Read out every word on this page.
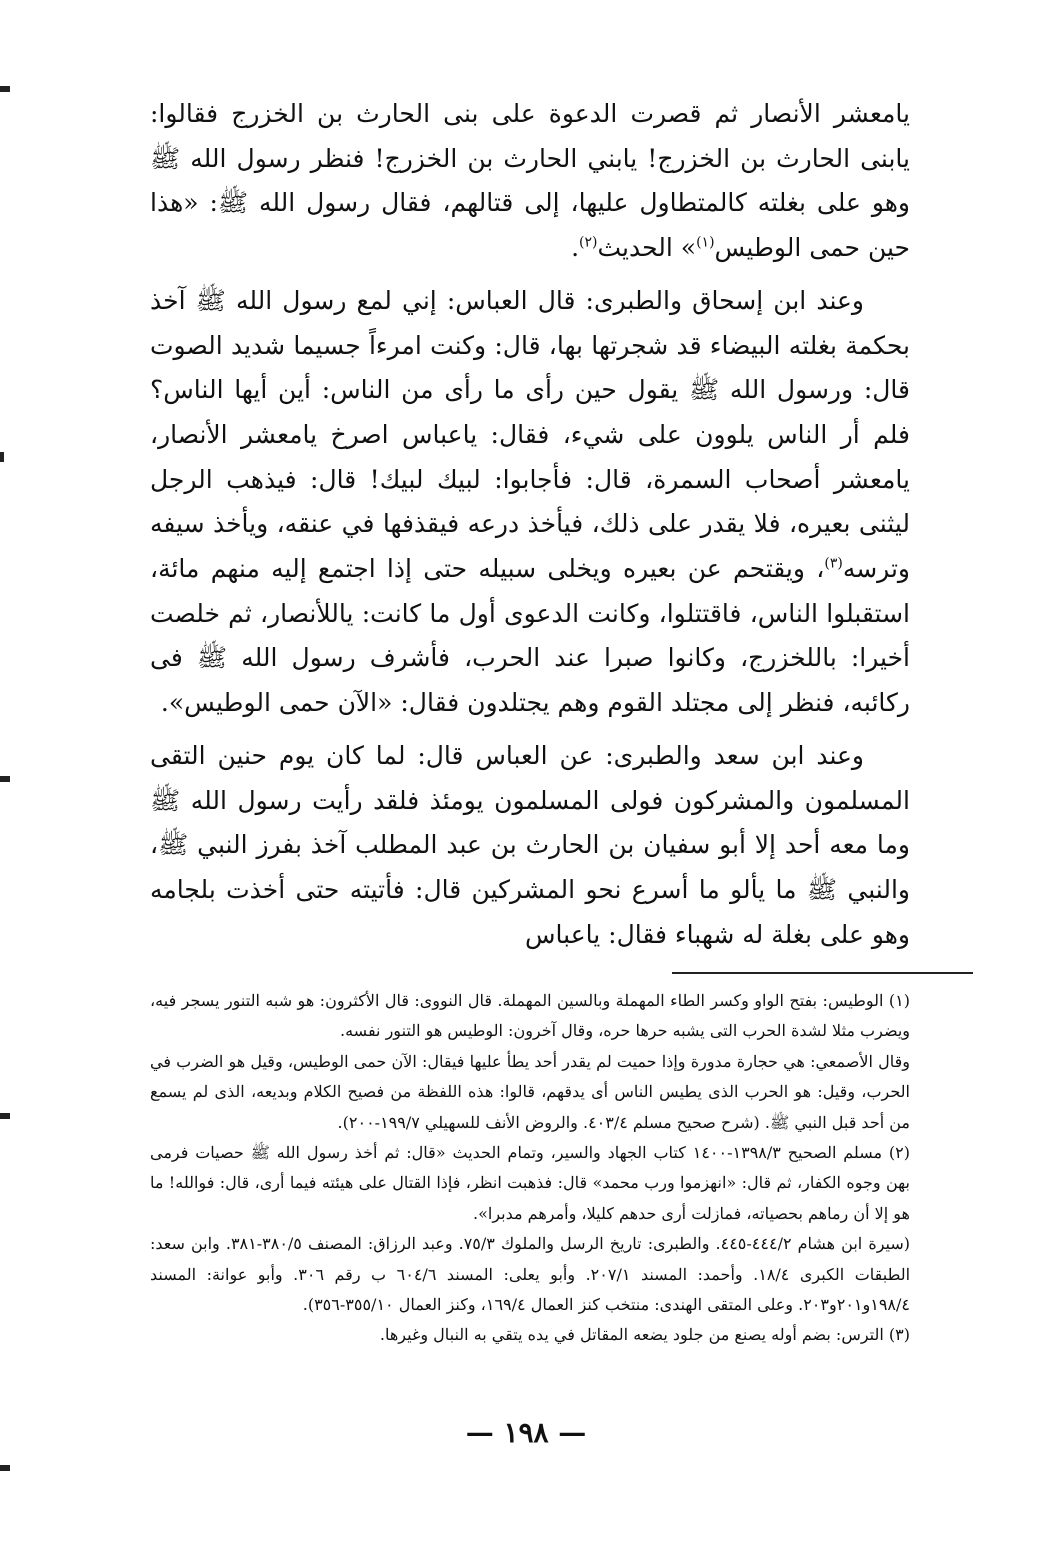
يامعشر الأنصار ثم قصرت الدعوة على بنى الحارث بن الخزرج فقالوا: يابنى الحارث بن الخزرج! يابني الحارث بن الخزرج! فنظر رسول الله ﷺ وهو على بغلته كالمتطاول عليها، إلى قتالهم، فقال رسول الله ﷺ: «هذا حين حمى الوطيس$^{(١)}$» الحديث$^{(٢)}$.

وعند ابن إسحاق والطبرى: قال العباس: إني لمع رسول الله ﷺ آخذ بحكمة بغلته البيضاء قد شجرتها بها، قال: وكنت امرءاً جسيما شديد الصوت قال: ورسول الله ﷺ يقول حين رأى ما رأى من الناس: أين أيها الناس؟ فلم أر الناس يلوون على شيء، فقال: ياعباس اصرخ يامعشر الأنصار، يامعشر أصحاب السمرة، قال: فأجابوا: لبيك لبيك! قال: فيذهب الرجل ليثنى بعيره، فلا يقدر على ذلك، فيأخذ درعه فيقذفها في عنقه، ويأخذ سيفه وترسه$^{(٣)}$، ويقتحم عن بعيره ويخلى سبيله حتى إذا اجتمع إليه منهم مائة، استقبلوا الناس، فاقتتلوا، وكانت الدعوى أول ما كانت: ياللأنصار، ثم خلصت أخيرا: باللخزرج، وكانوا صبرا عند الحرب، فأشرف رسول الله ﷺ فى ركائبه، فنظر إلى مجتلد القوم وهم يجتلدون فقال: «الآن حمى الوطيس».

وعند ابن سعد والطبرى: عن العباس قال: لما كان يوم حنين التقى المسلمون والمشركون فولى المسلمون يومئذ فلقد رأيت رسول الله ﷺ وما معه أحد إلا أبو سفيان بن الحارث بن عبد المطلب آخذ بفرز النبي ﷺ، والنبي ﷺ ما يألو ما أسرع نحو المشركين قال: فأتيته حتى أخذت بلجامه وهو على بغلة له شهباء فقال: ياعباس

(١) الوطيس: بفتح الواو وكسر الطاء المهملة وبالسين المهملة. قال النووى: قال الأكثرون: هو شبه التنور يسجر فيه، ويضرب مثلا لشدة الحرب التى يشبه حرها حره، وقال آخرون: الوطيس هو التنور نفسه.

وقال الأصمعي: هي حجارة مدورة وإذا حميت لم يقدر أحد يطأ عليها فيقال: الآن حمى الوطيس، وقيل هو الضرب في الحرب، وقيل: هو الحرب الذى يطيس الناس أى يدقهم، قالوا: هذه اللفظة من فصيح الكلام وبديعه، الذى لم يسمع من أحد قبل النبي ﷺ. (شرح صحيح مسلم ٤٠٣/٤. والروض الأنف للسهيلي ١٩٩/٧-٢٠٠).

(٢) مسلم الصحيح ١٣٩٨/٣-١٤٠٠ كتاب الجهاد والسير، وتمام الحديث «قال: ثم أخذ رسول الله ﷺ حصيات فرمى بهن وجوه الكفار، ثم قال: «انهزموا ورب محمد» قال: فذهبت انظر، فإذا القتال على هيئته فيما أرى، قال: فوالله! ما هو إلا أن رماهم بحصياته، فمازلت أرى حدهم كليلا، وأمرهم مدبرا».

(سيرة ابن هشام ٤٤٤/٢-٤٤٥. والطبرى: تاريخ الرسل والملوك ٧٥/٣. وعبد الرزاق: المصنف ٣٨٠/٥-٣٨١. وابن سعد: الطبقات الكبرى ١٨/٤. وأحمد: المسند ٢٠٧/١. وأبو يعلى: المسند ٦٠٤/٦ ب رقم ٣٠٦. وأبو عوانة: المسند ١٩٨/٤و٢٠١و٢٠٣. وعلى المتقى الهندى: منتخب كنز العمال ١٦٩/٤، وكنز العمال ٣٥٥/١٠-٣٥٦).

(٣) الترس: بضم أوله يصنع من جلود يضعه المقاتل في يده يتقي به النبال وغيرها.

— ١٩٨ —
